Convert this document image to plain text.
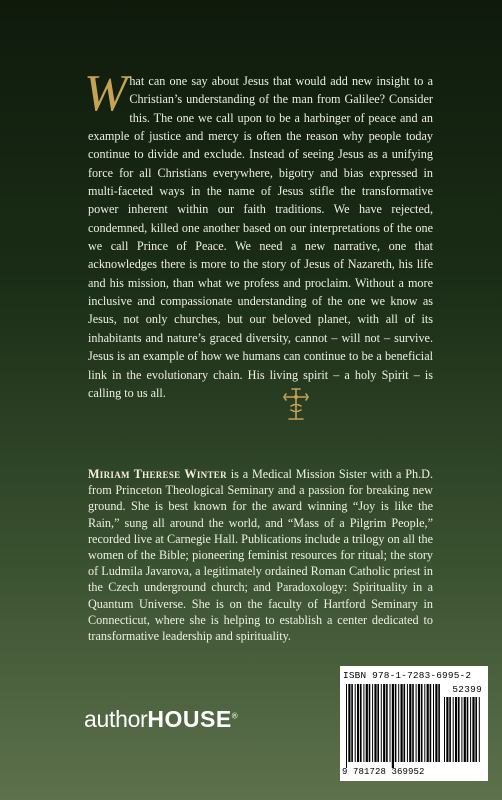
What can one say about Jesus that would add new insight to a Christian’s understanding of the man from Galilee? Consider this. The one we call upon to be a harbinger of peace and an example of justice and mercy is often the reason why people today continue to divide and exclude. Instead of seeing Jesus as a unifying force for all Christians everywhere, bigotry and bias expressed in multi-faceted ways in the name of Jesus stifle the transformative power inherent within our faith traditions. We have rejected, condemned, killed one another based on our interpretations of the one we call Prince of Peace. We need a new narrative, one that acknowledges there is more to the story of Jesus of Nazareth, his life and his mission, than what we profess and proclaim. Without a more inclusive and compassionate understanding of the one we know as Jesus, not only churches, but our beloved planet, with all of its inhabitants and nature’s graced diversity, cannot – will not – survive. Jesus is an example of how we humans can continue to be a beneficial link in the evolutionary chain. His living spirit – a holy Spirit – is calling to us all.

Miriam Therese Winter is a Medical Mission Sister with a Ph.D. from Princeton Theological Seminary and a passion for breaking new ground. She is best known for the award winning “Joy is like the Rain,” sung all around the world, and “Mass of a Pilgrim People,” recorded live at Carnegie Hall. Publications include a trilogy on all the women of the Bible; pioneering feminist resources for ritual; the story of Ludmila Javarova, a legitimately ordained Roman Catholic priest in the Czech underground church; and Paradoxology: Spirituality in a Quantum Universe. She is on the faculty of Hartford Seminary in Connecticut, where she is helping to establish a center dedicated to transformative leadership and spirituality.

authorHOUSE®
ISBN 978-1-7283-6995-2
52399
9 781728 369952
